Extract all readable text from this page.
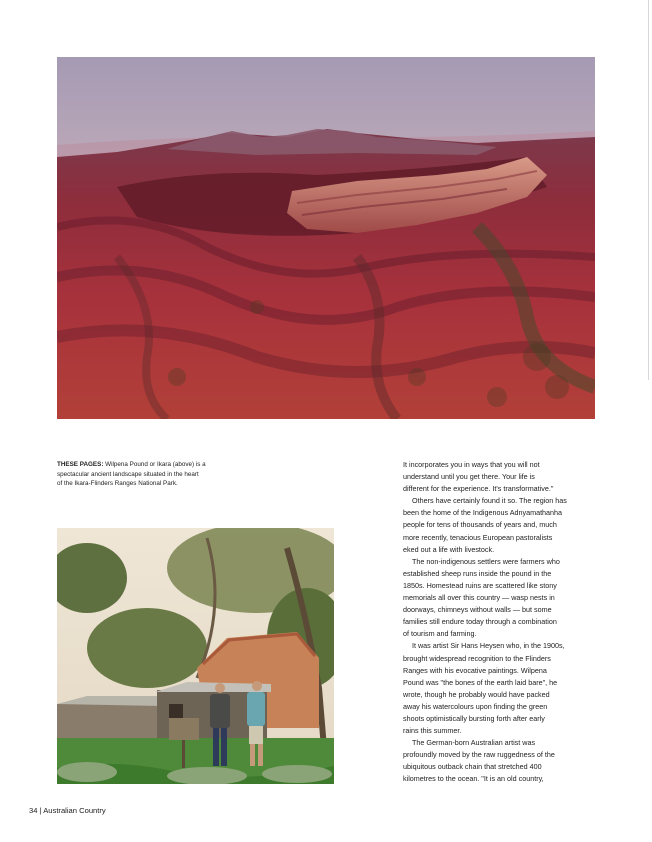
THESE PAGES: Wilpena Pound or Ikara (above) is a
spectacular ancient landscape situated in the heart
of the Ikara-Flinders Ranges National Park.
It incorporates you in ways that you will not
understand until you get there. Your life is
different for the experience. It's transformative."
Others have certainly found it so. The region has
been the home of the Indigenous Adnyamathanha
people for tens of thousands of years and, much
more recently, tenacious European pastoralists
eked out a life with livestock.
The non-indigenous settlers were farmers who
established sheep runs inside the pound in the
1850s. Homestead ruins are scattered like stony
memorials all over this country — wasp nests in
doorways, chimneys without walls — but some
families still endure today through a combination
of tourism and farming.
It was artist Sir Hans Heysen who, in the 1900s,
brought widespread recognition to the Flinders
Ranges with his evocative paintings. Wilpena
Pound was "the bones of the earth laid bare", he
wrote, though he probably would have packed
away his watercolours upon finding the green
shoots optimistically bursting forth after early
rains this summer.
The German-born Australian artist was
profoundly moved by the raw ruggedness of the
ubiquitous outback chain that stretched 400
kilometres to the ocean. "It is an old country,
34 | Australian Country
